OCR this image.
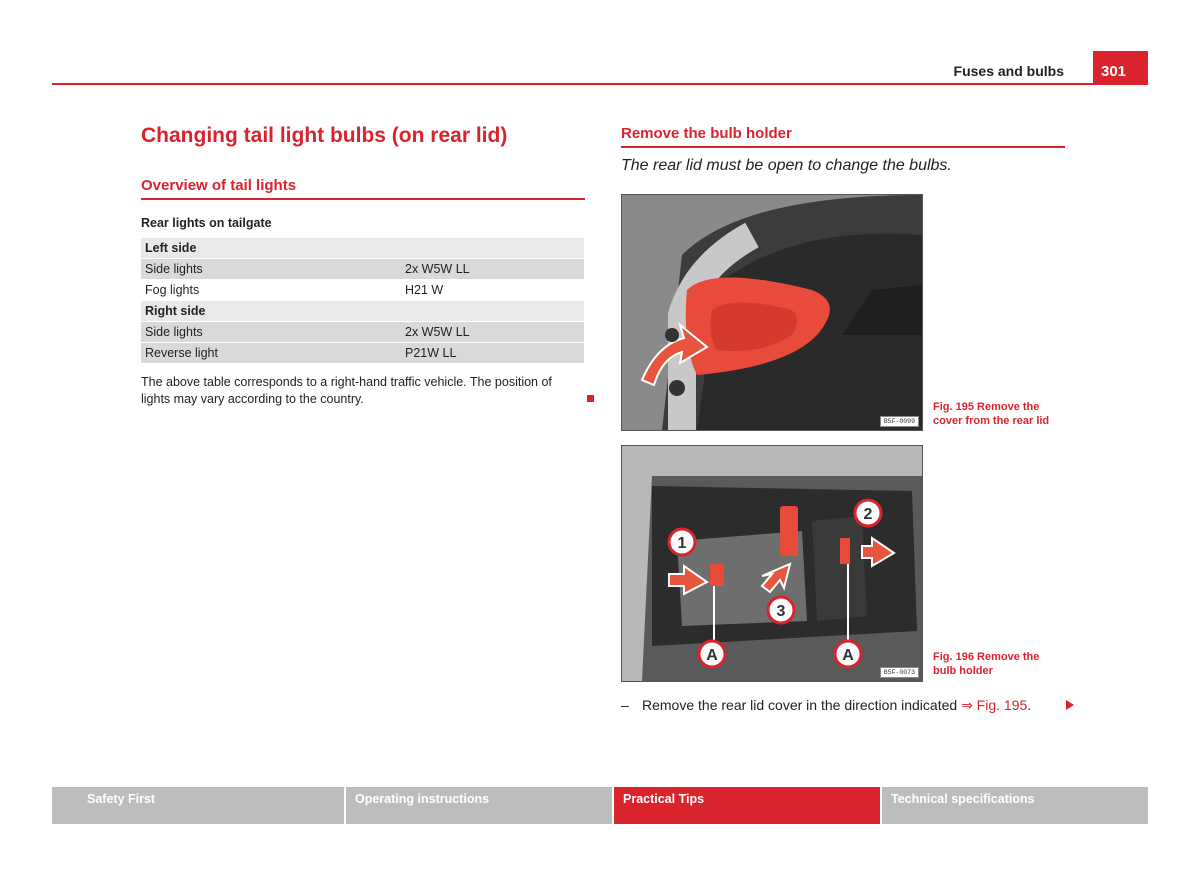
Fuses and bulbs	301
Changing tail light bulbs (on rear lid)
Overview of tail lights
Rear lights on tailgate
Left side	
Side lights	2x W5W LL
Fog lights	H21 W
Right side	
Side lights	2x W5W LL
Reverse light	P21W LL

The above table corresponds to a right-hand traffic vehicle. The position of lights may vary according to the country.

Remove the bulb holder

The rear lid must be open to change the bulbs.

B5F-0099

Fig. 195 Remove the cover from the rear lid

1
2
3
A	A
B5F-0073

Fig. 196 Remove the bulb holder

– Remove the rear lid cover in the direction indicated ⇒ Fig. 195.

Safety First	Operating instructions	Practical Tips	Technical specifications
